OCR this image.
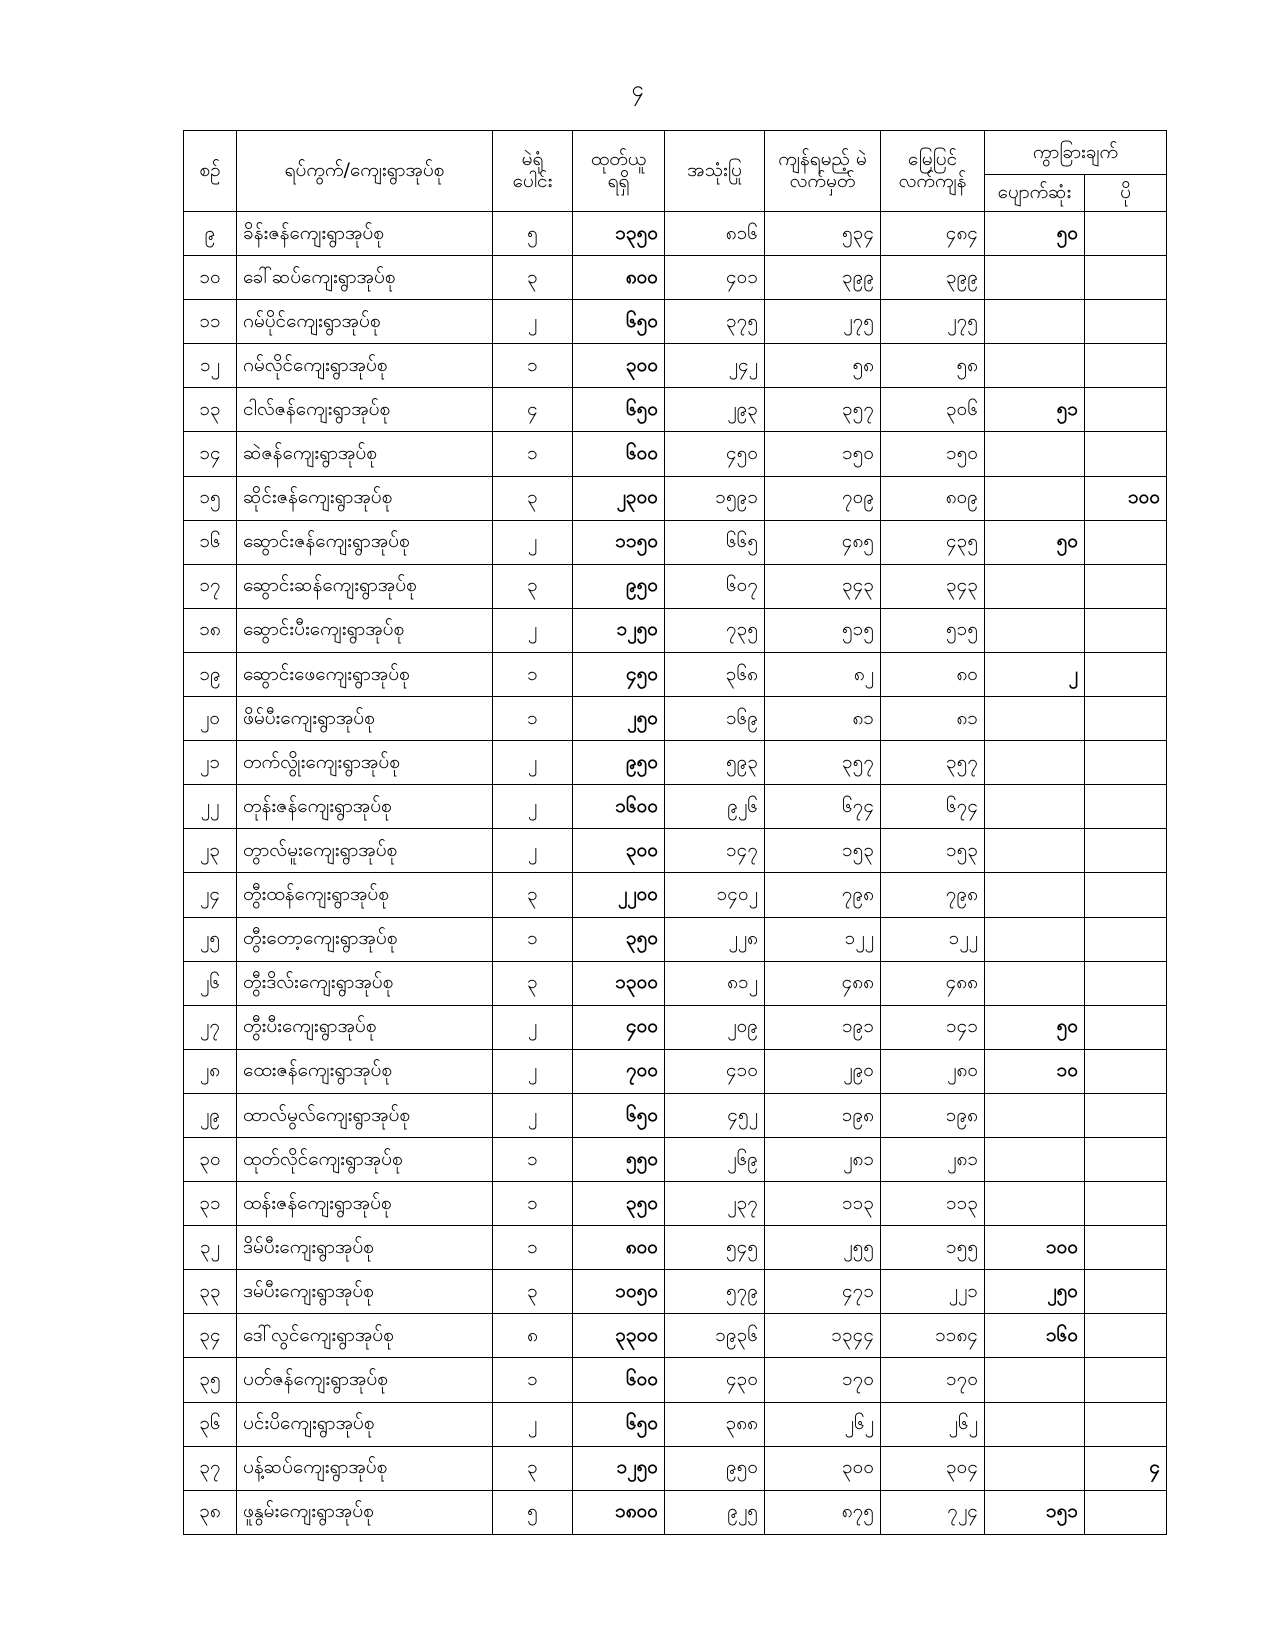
၄
စဉ်	ရပ်ကွက်/ကျေးရွာအုပ်စု	မဲရုံ ပေါင်း	ထုတ်ယူ ရရှိ	အသုံးပြု	ကျန်ရမည့် မဲလက်မှတ်	မြေပြင် လက်ကျန်	ကွာခြားချက်	
							ပျောက်ဆုံး	ပို
၉	ခိန်းဇန်ကျေးရွာအုပ်စု	၅	၁၃၅၀	၈၁၆	၅၃၄	၄၈၄	၅၀	
၁၀	ခေါ်ဆပ်ကျေးရွာအုပ်စု	၃	၈၀၀	၄၀၁	၃၉၉	၃၉၉		
၁၁	ဂမ်ပိုင်ကျေးရွာအုပ်စု	၂	၆၅၀	၃၇၅	၂၇၅	၂၇၅		
၁၂	ဂမ်လိုင်ကျေးရွာအုပ်စု	၁	၃၀၀	၂၄၂	၅၈	၅၈		
၁၃	ငါလ်ဇန်ကျေးရွာအုပ်စု	၄	၆၅၀	၂၉၃	၃၅၇	၃၀၆	၅၁	
၁၄	ဆဲဇန်ကျေးရွာအုပ်စု	၁	၆၀၀	၄၅၀	၁၅၀	၁၅၀		
၁၅	ဆိုင်းဇန်ကျေးရွာအုပ်စု	၃	၂၃၀၀	၁၅၉၁	၇၀၉	၈၀၉		၁၀၀
၁၆	ဆွောင်းဇန်ကျေးရွာအုပ်စု	၂	၁၁၅၀	၆၆၅	၄၈၅	၄၃၅	၅၀	
၁၇	ဆွောင်းဆန်ကျေးရွာအုပ်စု	၃	၉၅၀	၆၀၇	၃၄၃	၃၄၃		
၁၈	ဆွောင်းပီးကျေးရွာအုပ်စု	၂	၁၂၅၀	၇၃၅	၅၁၅	၅၁၅		
၁၉	ဆွောင်းဖေကျေးရွာအုပ်စု	၁	၄၅၀	၃၆၈	၈၂	၈၀	၂	
၂၀	ဖိမ်ပီးကျေးရွာအုပ်စု	၁	၂၅၀	၁၆၉	၈၁	၈၁		
၂၁	တက်လွိုးကျေးရွာအုပ်စု	၂	၉၅၀	၅၉၃	၃၅၇	၃၅၇		
၂၂	တုန်းဇန်ကျေးရွာအုပ်စု	၂	၁၆၀၀	၉၂၆	၆၇၄	၆၇၄		
၂၃	တွာလ်မူးကျေးရွာအုပ်စု	၂	၃၀၀	၁၄၇	၁၅၃	၁၅၃		
၂၄	တွီးထန်ကျေးရွာအုပ်စု	၃	၂၂၀၀	၁၄၀၂	၇၉၈	၇၉၈		
၂၅	တွီးတော့ကျေးရွာအုပ်စု	၁	၃၅၀	၂၂၈	၁၂၂	၁၂၂		
၂၆	တွီးဒိလ်းကျေးရွာအုပ်စု	၃	၁၃၀၀	၈၁၂	၄၈၈	၄၈၈		
၂၇	တွီးပီးကျေးရွာအုပ်စု	၂	၄၀၀	၂၀၉	၁၉၁	၁၄၁	၅၀	
၂၈	ထေးဇန်ကျေးရွာအုပ်စု	၂	၇၀၀	၄၁၀	၂၉၀	၂၈၀	၁၀	
၂၉	ထာလ်မွလ်ကျေးရွာအုပ်စု	၂	၆၅၀	၄၅၂	၁၉၈	၁၉၈		
၃၀	ထုတ်လိုင်ကျေးရွာအုပ်စု	၁	၅၅၀	၂၆၉	၂၈၁	၂၈၁		
၃၁	ထန်းဇန်ကျေးရွာအုပ်စု	၁	၃၅၀	၂၃၇	၁၁၃	၁၁၃		
၃၂	ဒိမ်ပီးကျေးရွာအုပ်စု	၁	၈၀၀	၅၄၅	၂၅၅	၁၅၅	၁၀၀	
၃၃	ဒမ်ပီးကျေးရွာအုပ်စု	၃	၁၀၅၀	၅၇၉	၄၇၁	၂၂၁	၂၅၀	
၃၄	ဒေါ်လွင်ကျေးရွာအုပ်စု	၈	၃၃၀၀	၁၉၃၆	၁၃၄၄	၁၁၈၄	၁၆၀	
၃၅	ပတ်ဇန်ကျေးရွာအုပ်စု	၁	၆၀၀	၄၃၀	၁၇၀	၁၇၀		
၃၆	ပင်းပိကျေးရွာအုပ်စု	၂	၆၅၀	၃၈၈	၂၆၂	၂၆၂		
၃၇	ပန့်ဆပ်ကျေးရွာအုပ်စု	၃	၁၂၅၀	၉၅၀	၃၀၀	၃၀၄		၄
၃၈	ဖူနွမ်းကျေးရွာအုပ်စု	၅	၁၈၀၀	၉၂၅	၈၇၅	၇၂၄	၁၅၁	
